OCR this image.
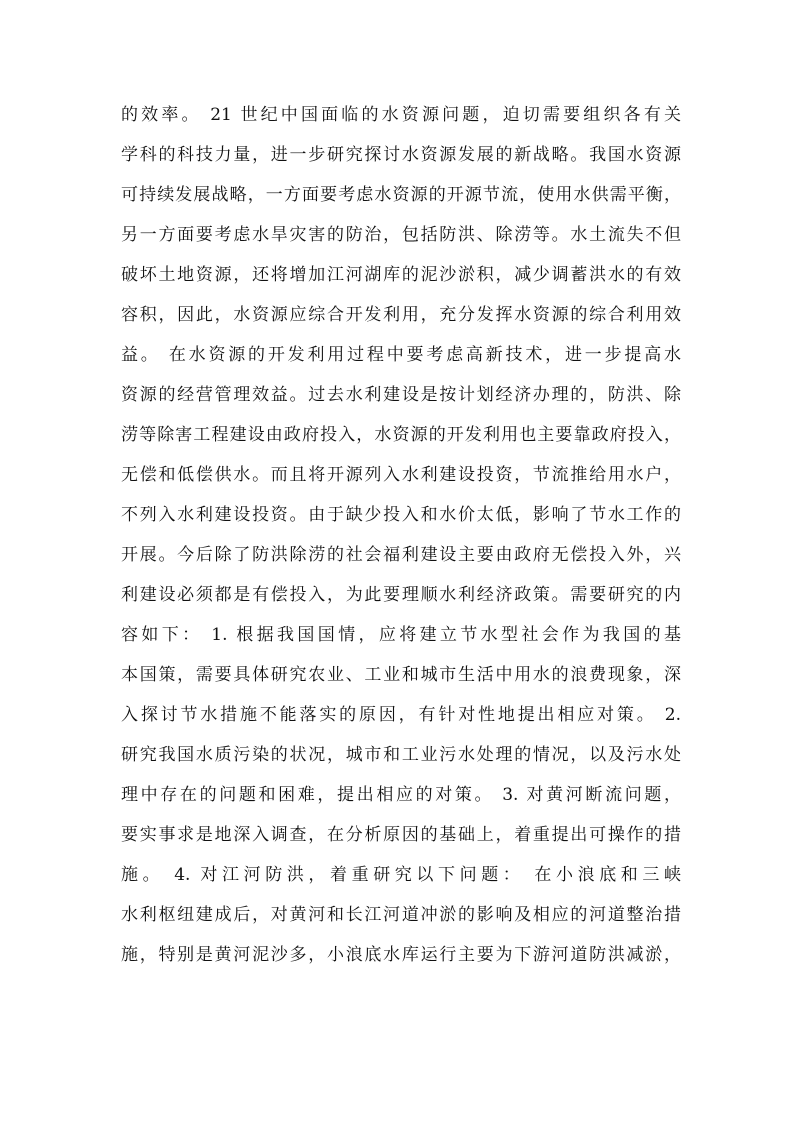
的效率。 21 世纪中国面临的水资源问题，迫切需要组织各有关
学科的科技力量，进一步研究探讨水资源发展的新战略。我国水资源
可持续发展战略，一方面要考虑水资源的开源节流，使用水供需平衡，
另一方面要考虑水旱灾害的防治，包括防洪、除涝等。水土流失不但
破坏土地资源，还将增加江河湖库的泥沙淤积，减少调蓄洪水的有效
容积，因此，水资源应综合开发利用，充分发挥水资源的综合利用效
益。 在水资源的开发利用过程中要考虑高新技术，进一步提高水
资源的经营管理效益。过去水利建设是按计划经济办理的，防洪、除
涝等除害工程建设由政府投入，水资源的开发利用也主要靠政府投入，
无偿和低偿供水。而且将开源列入水利建设投资，节流推给用水户，
不列入水利建设投资。由于缺少投入和水价太低，影响了节水工作的
开展。今后除了防洪除涝的社会福利建设主要由政府无偿投入外，兴
利建设必须都是有偿投入，为此要理顺水利经济政策。需要研究的内
容如下： 1. 根据我国国情，应将建立节水型社会作为我国的基
本国策，需要具体研究农业、工业和城市生活中用水的浪费现象，深
入探讨节水措施不能落实的原因，有针对性地提出相应对策。 2.
研究我国水质污染的状况，城市和工业污水处理的情况，以及污水处
理中存在的问题和困难，提出相应的对策。 3. 对黄河断流问题，
要实事求是地深入调查，在分析原因的基础上，着重提出可操作的措
施。 4. 对江河防洪，着重研究以下问题： 在小浪底和三峡
水利枢纽建成后，对黄河和长江河道冲淤的影响及相应的河道整治措
施，特别是黄河泥沙多，小浪底水库运行主要为下游河道防洪减淤，
